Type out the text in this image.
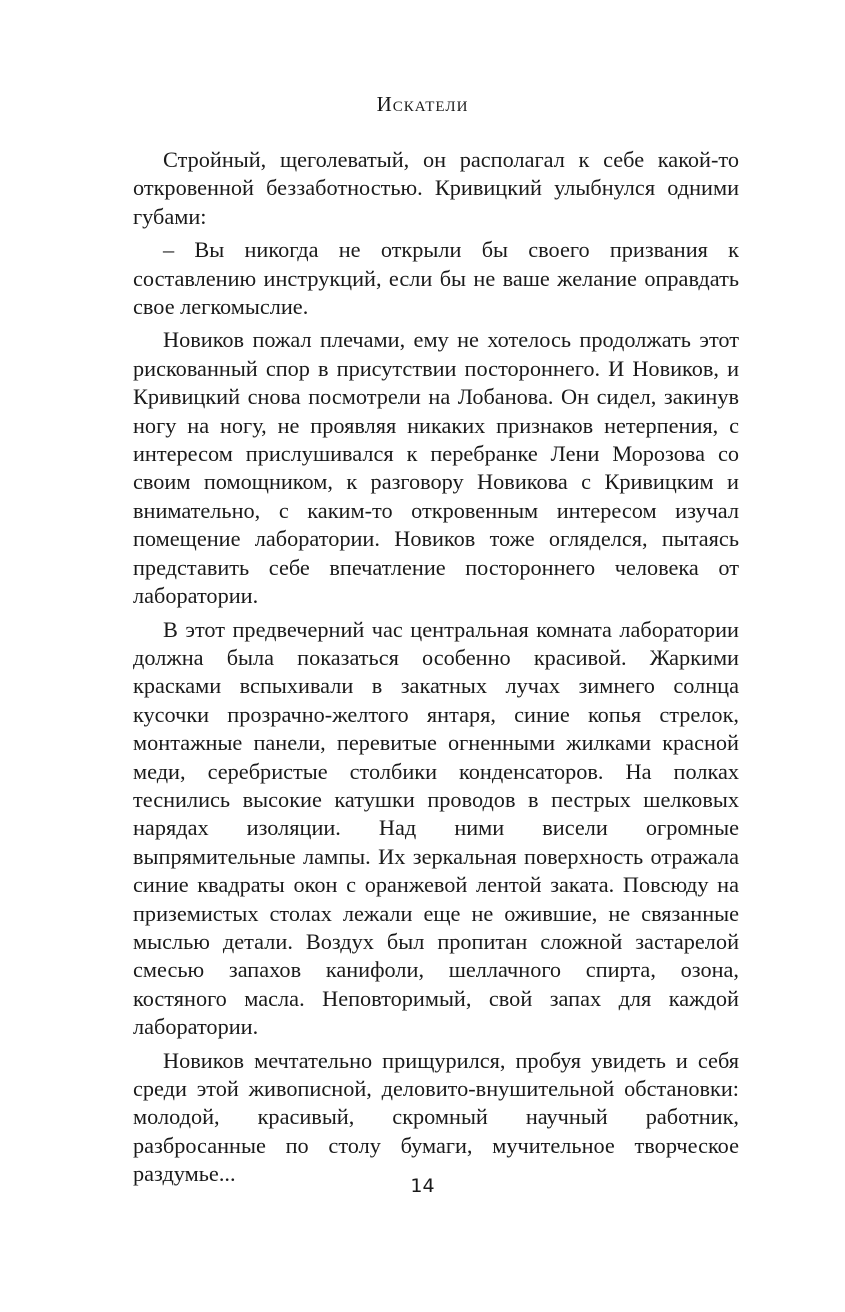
Искатели

Стройный, щеголеватый, он располагал к себе какой-то откровенной беззаботностью. Кривицкий улыбнулся одними губами:

– Вы никогда не открыли бы своего призвания к составлению инструкций, если бы не ваше желание оправдать свое легкомыслие.

Новиков пожал плечами, ему не хотелось продолжать этот рискованный спор в присутствии постороннего. И Новиков, и Кривицкий снова посмотрели на Лобанова. Он сидел, закинув ногу на ногу, не проявляя никаких признаков нетерпения, с интересом прислушивался к перебранке Лени Морозова со своим помощником, к разговору Новикова с Кривицким и внимательно, с каким-то откровенным интересом изучал помещение лаборатории. Новиков тоже огляделся, пытаясь представить себе впечатление постороннего человека от лаборатории.

В этот предвечерний час центральная комната лаборатории должна была показаться особенно красивой. Жаркими красками вспыхивали в закатных лучах зимнего солнца кусочки прозрачно-желтого янтаря, синие копья стрелок, монтажные панели, перевитые огненными жилками красной меди, серебристые столбики конденсаторов. На полках теснились высокие катушки проводов в пестрых шелковых нарядах изоляции. Над ними висели огромные выпрямительные лампы. Их зеркальная поверхность отражала синие квадраты окон с оранжевой лентой заката. Повсюду на приземистых столах лежали еще не ожившие, не связанные мыслью детали. Воздух был пропитан сложной застарелой смесью запахов канифоли, шеллачного спирта, озона, костяного масла. Неповторимый, свой запах для каждой лаборатории.

Новиков мечтательно прищурился, пробуя увидеть и себя среди этой живописной, деловито-внушительной обстановки: молодой, красивый, скромный научный работник, разбросанные по столу бумаги, мучительное творческое раздумье...	14
